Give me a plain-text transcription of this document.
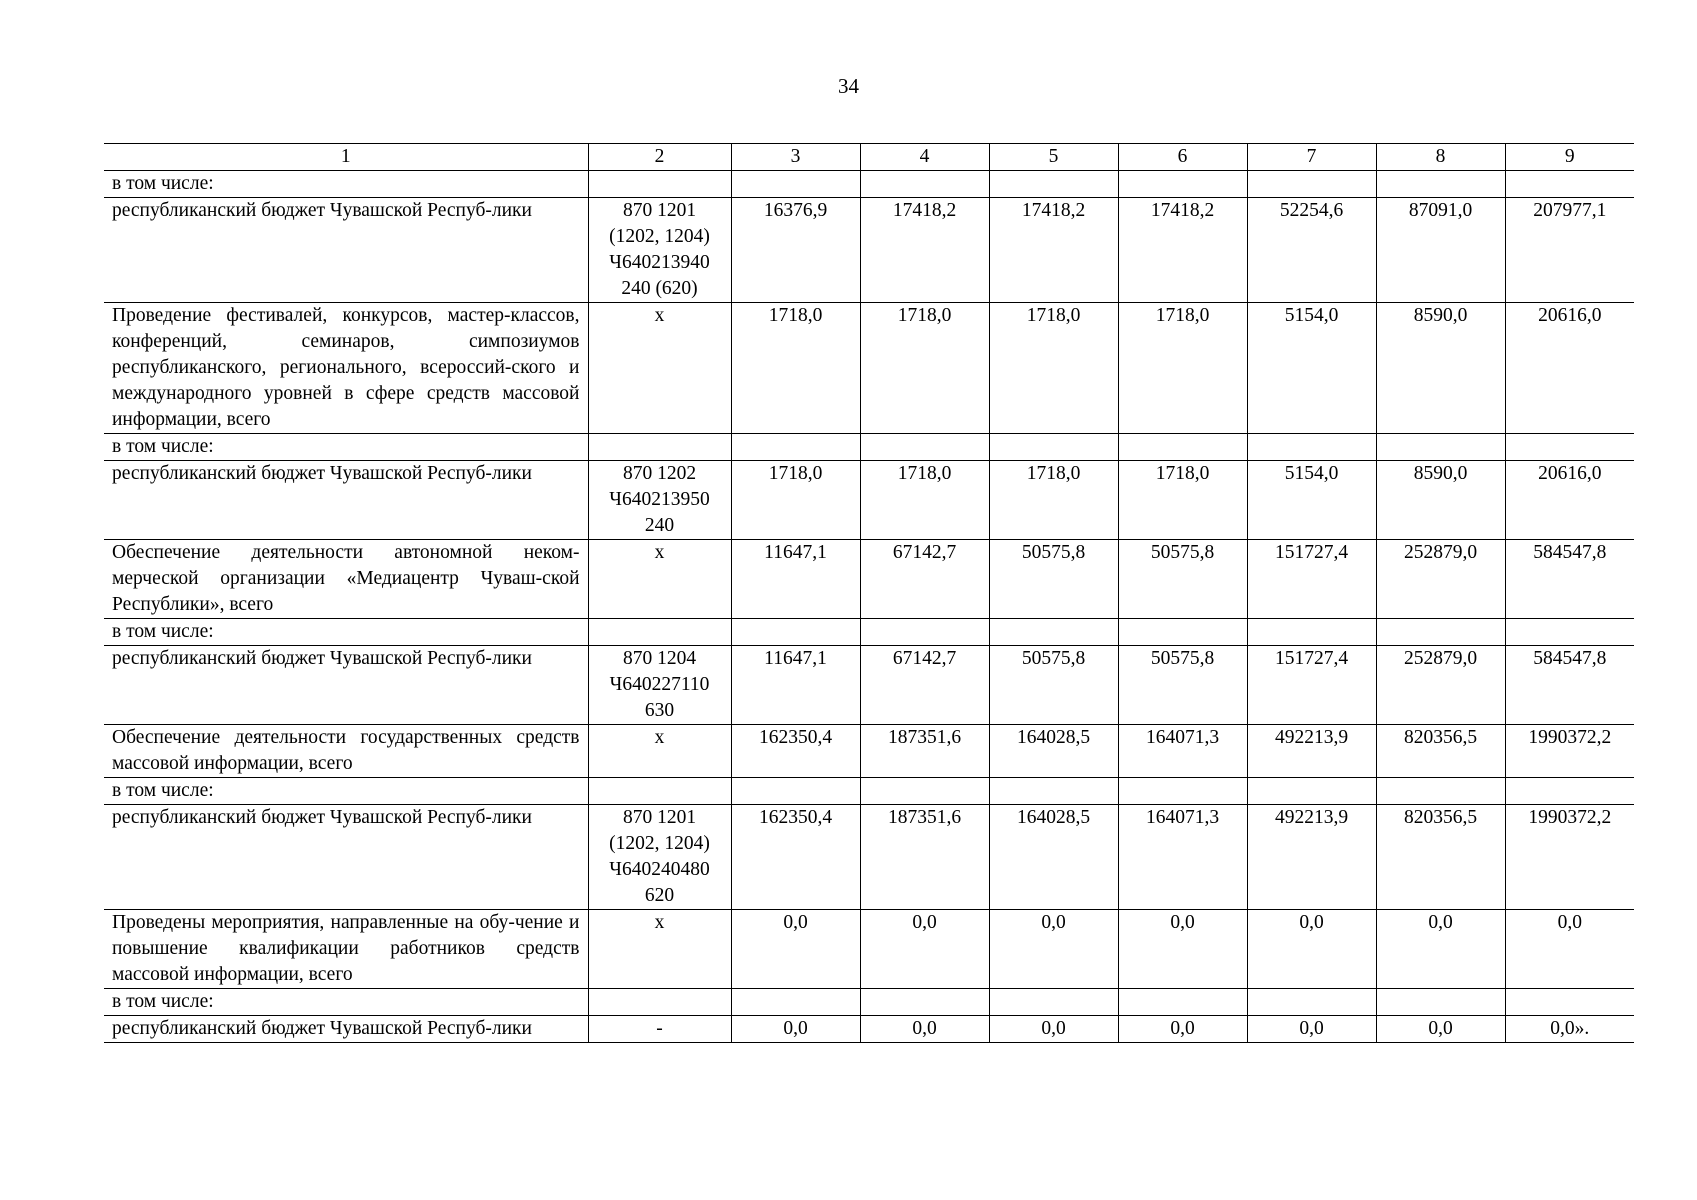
34
1	2	3	4	5	6	7	8	9
в том числе:								
республиканский бюджет Чувашской Респуб-лики	870 1201 (1202, 1204) Ч640213940 240 (620)	16376,9	17418,2	17418,2	17418,2	52254,6	87091,0	207977,1
Проведение фестивалей, конкурсов, мастер-классов, конференций, семинаров, симпозиумов республиканского, регионального, всероссий-ского и международного уровней в сфере средств массовой информации, всего	х	1718,0	1718,0	1718,0	1718,0	5154,0	8590,0	20616,0
в том числе:								
республиканский бюджет Чувашской Респуб-лики	870 1202 Ч640213950 240	1718,0	1718,0	1718,0	1718,0	5154,0	8590,0	20616,0
Обеспечение деятельности автономной неком-мерческой организации «Медиацентр Чуваш-ской Республики», всего	х	11647,1	67142,7	50575,8	50575,8	151727,4	252879,0	584547,8
в том числе:								
республиканский бюджет Чувашской Респуб-лики	870 1204 Ч640227110 630	11647,1	67142,7	50575,8	50575,8	151727,4	252879,0	584547,8
Обеспечение деятельности государственных средств массовой информации, всего	х	162350,4	187351,6	164028,5	164071,3	492213,9	820356,5	1990372,2
в том числе:								
республиканский бюджет Чувашской Респуб-лики	870 1201 (1202, 1204) Ч640240480 620	162350,4	187351,6	164028,5	164071,3	492213,9	820356,5	1990372,2
Проведены мероприятия, направленные на обу-чение и повышение квалификации работников средств массовой информации, всего	х	0,0	0,0	0,0	0,0	0,0	0,0	0,0
в том числе:								
республиканский бюджет Чувашской Респуб-лики	-	0,0	0,0	0,0	0,0	0,0	0,0	0,0».
